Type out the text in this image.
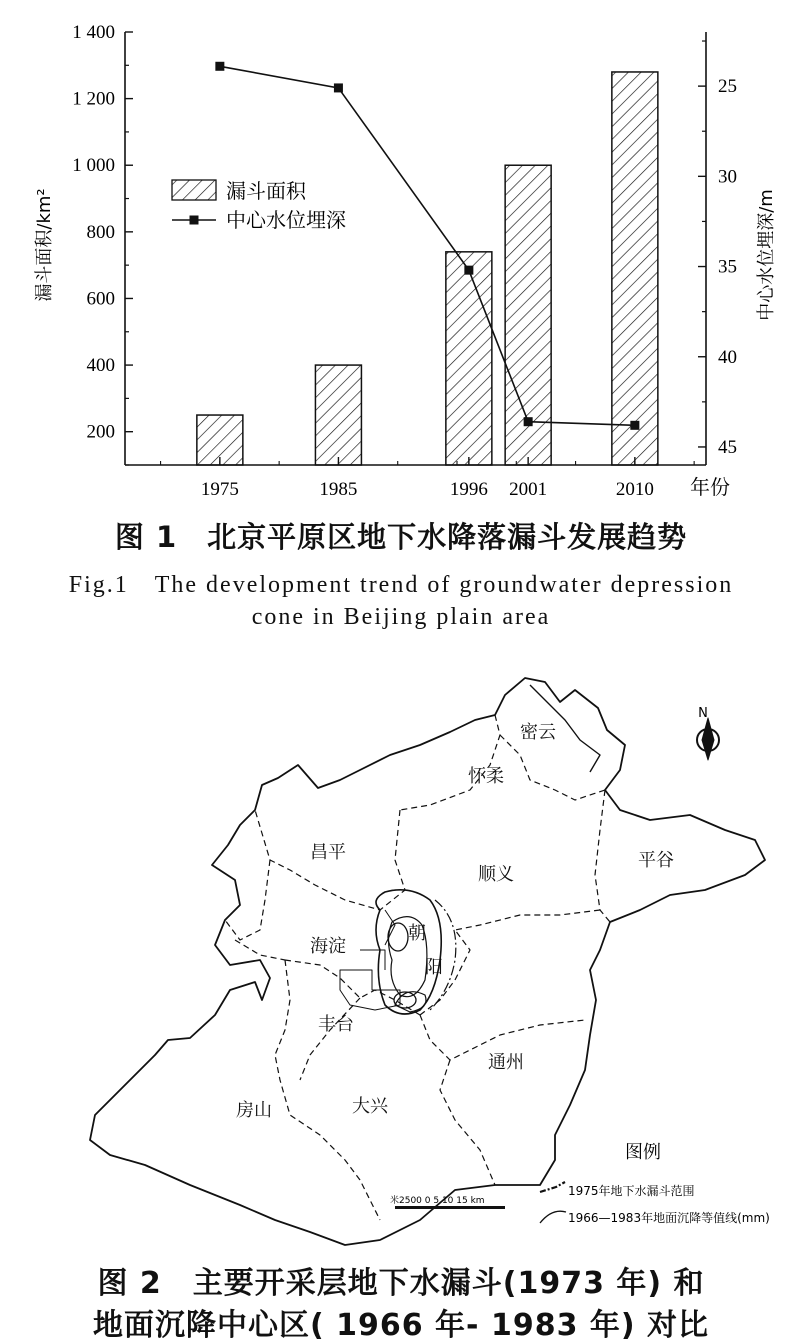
200
400
600
800
1 000
1 200
1 400
25
30
35
40
45
1975	1985	1996 2001	2010
漏斗面积
中心水位埋深
漏斗面积/km²	中心水位埋深/m
年份
图 1　北京平原区地下水降落漏斗发展趋势
Fig.1　The development trend of groundwater depression
cone in Beijing plain area
密云
怀柔
昌平
顺义
平谷
海淀
朝
阳
丰台
通州
房山	大兴
N
图例
1975年地下水漏斗范围
1966—1983年地面沉降等值线(mm)
米2500 0 5 10 15 km
图 2　主要开采层地下水漏斗(1973 年) 和
地面沉降中心区( 1966 年- 1983 年) 对比
